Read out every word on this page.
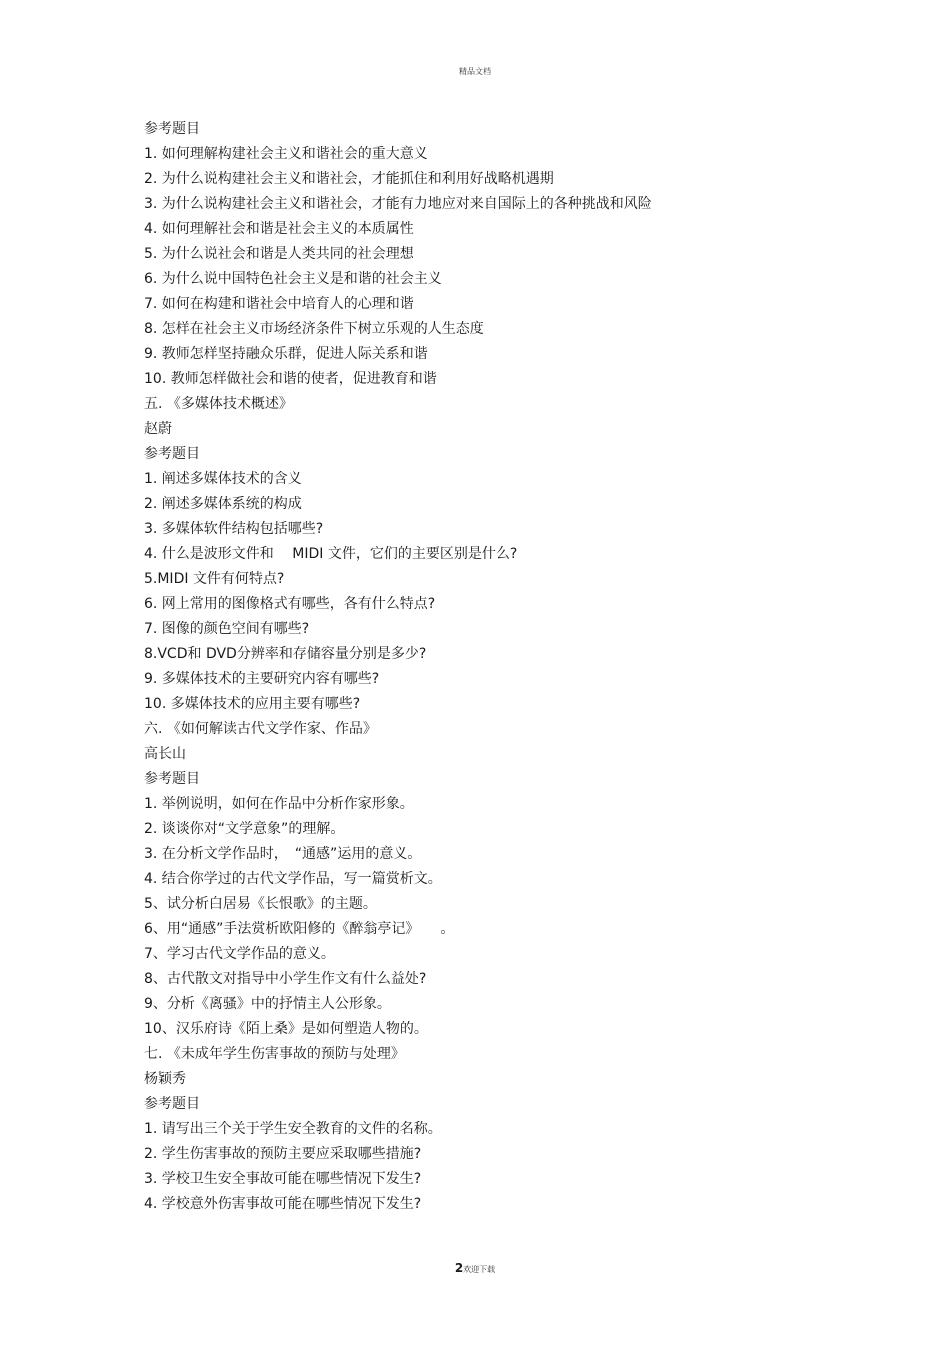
精品文档
参考题目
1. 如何理解构建社会主义和谐社会的重大意义
2. 为什么说构建社会主义和谐社会，才能抓住和利用好战略机遇期
3. 为什么说构建社会主义和谐社会，才能有力地应对来自国际上的各种挑战和风险
4. 如何理解社会和谐是社会主义的本质属性
5. 为什么说社会和谐是人类共同的社会理想
6. 为什么说中国特色社会主义是和谐的社会主义
7. 如何在构建和谐社会中培育人的心理和谐
8. 怎样在社会主义市场经济条件下树立乐观的人生态度
9. 教师怎样坚持融众乐群，促进人际关系和谐
10. 教师怎样做社会和谐的使者，促进教育和谐
五. 《多媒体技术概述》
赵蔚
参考题目
1. 阐述多媒体技术的含义
2. 阐述多媒体系统的构成
3. 多媒体软件结构包括哪些?
4. 什么是波形文件和　 MIDI 文件，它们的主要区别是什么?
5.MIDI 文件有何特点?
6. 网上常用的图像格式有哪些，各有什么特点?
7. 图像的颜色空间有哪些?
8.VCD和 DVD分辨率和存储容量分别是多少?
9. 多媒体技术的主要研究内容有哪些?
10. 多媒体技术的应用主要有哪些?
六. 《如何解读古代文学作家、作品》
高长山
参考题目
1. 举例说明，如何在作品中分析作家形象。
2. 谈谈你对“文学意象”的理解。
3. 在分析文学作品时，　“通感”运用的意义。
4. 结合你学过的古代文学作品，写一篇赏析文。
5、试分析白居易《长恨歌》的主题。
6、用“通感”手法赏析欧阳修的《醉翁亭记》　　。
7、学习古代文学作品的意义。
8、古代散文对指导中小学生作文有什么益处?
9、分析《离骚》中的抒情主人公形象。
10、汉乐府诗《陌上桑》是如何塑造人物的。
七. 《未成年学生伤害事故的预防与处理》
杨颖秀
参考题目
1. 请写出三个关于学生安全教育的文件的名称。
2. 学生伤害事故的预防主要应采取哪些措施?
3. 学校卫生安全事故可能在哪些情况下发生?
4. 学校意外伤害事故可能在哪些情况下发生?
2欢迎下载
